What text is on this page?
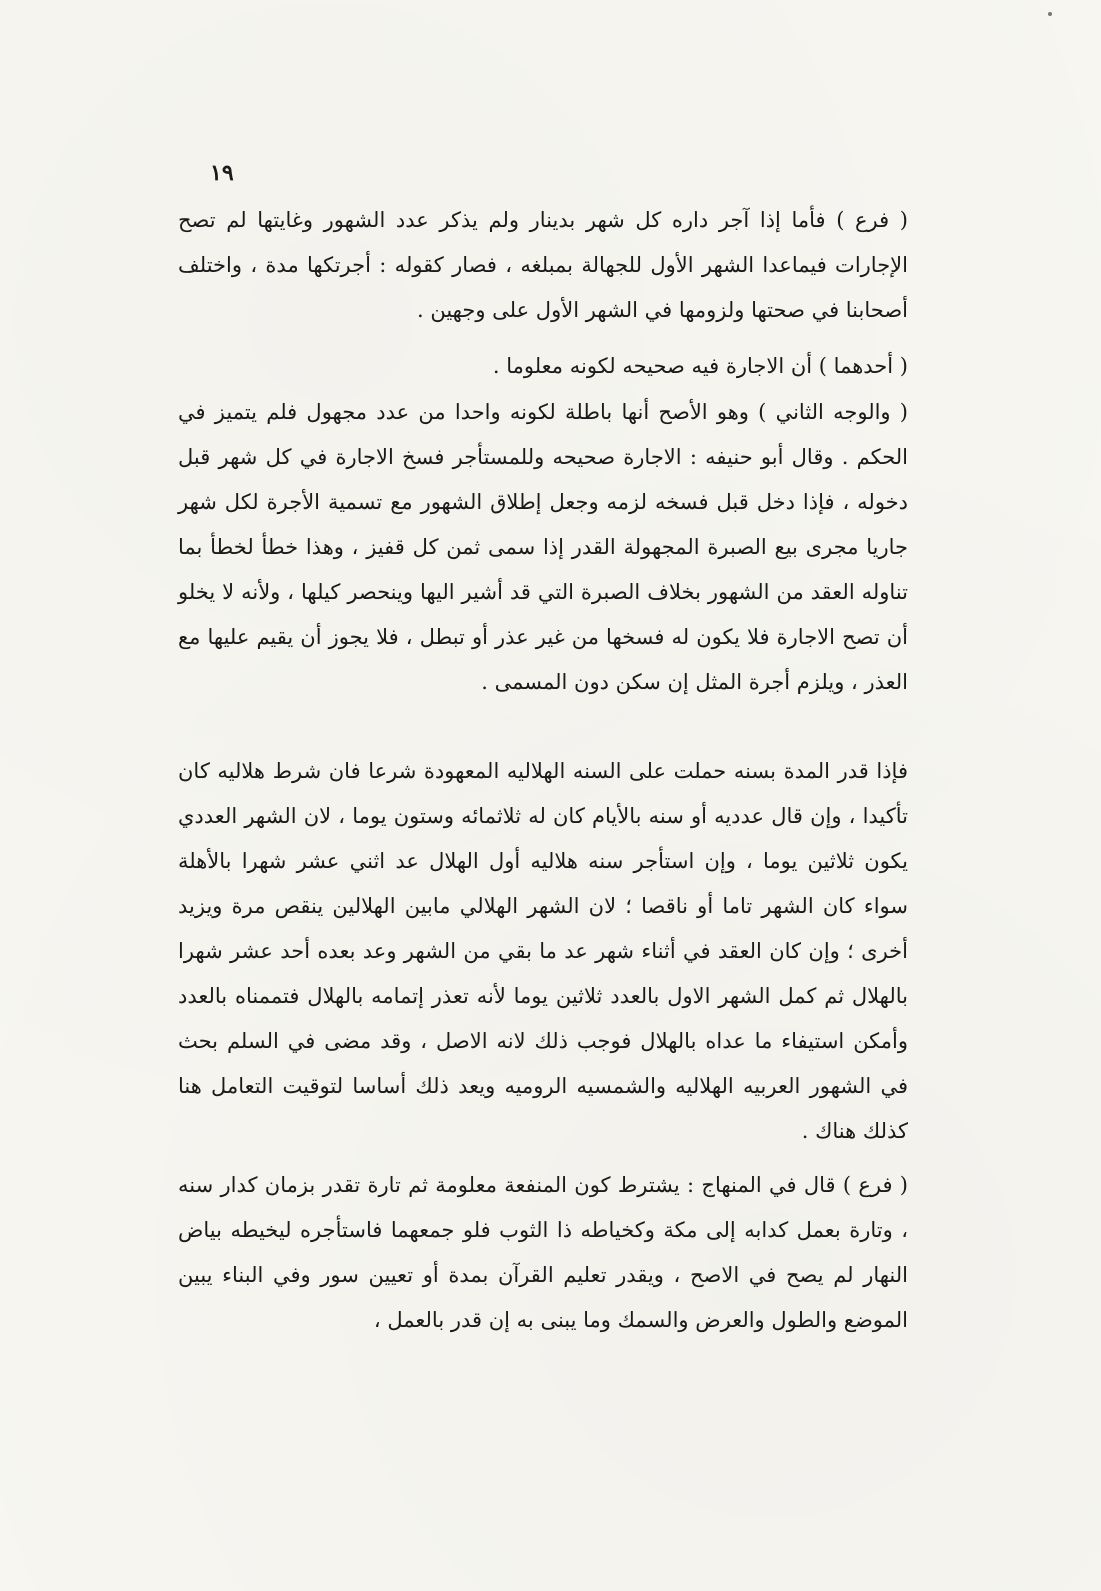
١٩

( فرع ) فأما إذا آجر داره كل شهر بدينار ولم يذكر عدد الشهور وغايتها لم تصح الإجارات فيماعدا الشهر الأول للجهالة بمبلغه ، فصار كقوله : أجرتكها مدة ، واختلف أصحابنا في صحتها ولزومها في الشهر الأول على وجهين .

( أحدهما ) أن الاجارة فيه صحيحه لكونه معلوما .

( والوجه الثاني ) وهو الأصح أنها باطلة لكونه واحدا من عدد مجهول فلم يتميز في الحكم . وقال أبو حنيفه : الاجارة صحيحه وللمستأجر فسخ الاجارة في كل شهر قبل دخوله ، فإذا دخل قبل فسخه لزمه وجعل إطلاق الشهور مع تسمية الأجرة لكل شهر جاريا مجرى بيع الصبرة المجهولة القدر إذا سمى ثمن كل قفيز ، وهذا خطأ لخطأ بما تناوله العقد من الشهور بخلاف الصبرة التي قد أشير اليها وينحصر كيلها ، ولأنه لا يخلو أن تصح الاجارة فلا يكون له فسخها من غير عذر أو تبطل ، فلا يجوز أن يقيم عليها مع العذر ، ويلزم أجرة المثل إن سكن دون المسمى .

فإذا قدر المدة بسنه حملت على السنه الهلاليه المعهودة شرعا فان شرط هلاليه كان تأكيدا ، وإن قال عدديه أو سنه بالأيام كان له ثلاثمائه وستون يوما ، لان الشهر العددي يكون ثلاثين يوما ، وإن استأجر سنه هلاليه أول الهلال عد اثني عشر شهرا بالأهلة سواء كان الشهر تاما أو ناقصا ؛ لان الشهر الهلالي مابين الهلالين ينقص مرة ويزيد أخرى ؛ وإن كان العقد في أثناء شهر عد ما بقي من الشهر وعد بعده أحد عشر شهرا بالهلال ثم كمل الشهر الاول بالعدد ثلاثين يوما لأنه تعذر إتمامه بالهلال فتممناه بالعدد وأمكن استيفاء ما عداه بالهلال فوجب ذلك لانه الاصل ، وقد مضى في السلم بحث في الشهور العربيه الهلاليه والشمسيه الروميه ويعد ذلك أساسا لتوقيت التعامل هنا كذلك هناك .

( فرع ) قال في المنهاج : يشترط كون المنفعة معلومة ثم تارة تقدر بزمان كدار سنه ، وتارة بعمل كدابه إلى مكة وكخياطه ذا الثوب فلو جمعهما فاستأجره ليخيطه بياض النهار لم يصح في الاصح ، ويقدر تعليم القرآن بمدة أو تعيين سور وفي البناء يبين الموضع والطول والعرض والسمك وما يبنى به إن قدر بالعمل ،
